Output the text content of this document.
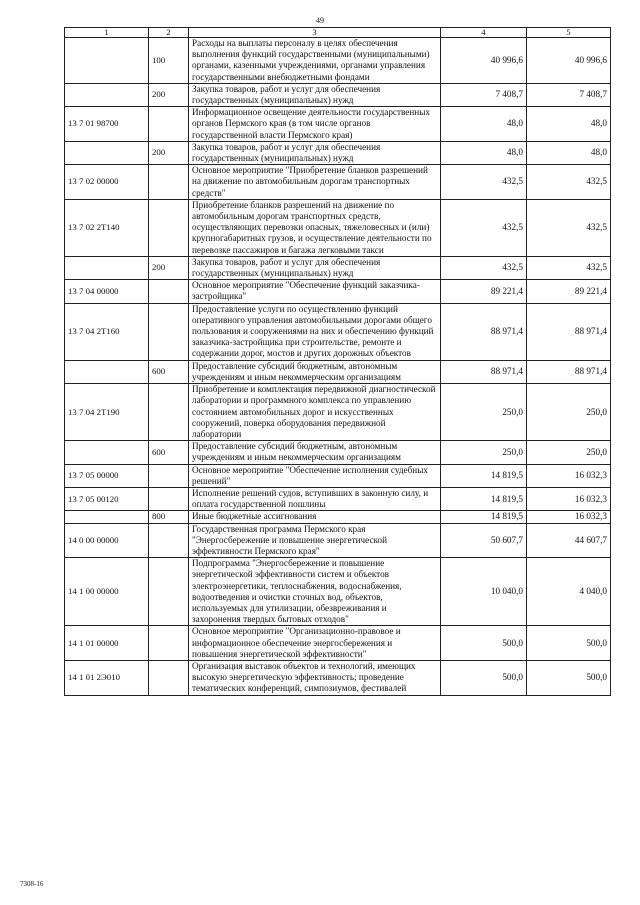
49
1	2	3	4	5
	100	Расходы на выплаты персоналу в целях обеспечения выполнения функций государственными (муниципальными) органами, казенными учреждениями, органами управления государственными внебюджетными фондами	40 996,6	40 996,6
	200	Закупка товаров, работ и услуг для обеспечения государственных (муниципальных) нужд	7 408,7	7 408,7
13 7 01 98700		Информационное освещение деятельности государственных органов Пермского края (в том числе органов государственной власти Пермского края)	48,0	48,0
	200	Закупка товаров, работ и услуг для обеспечения государственных (муниципальных) нужд	48,0	48,0
13 7 02 00000		Основное мероприятие "Приобретение бланков разрешений на движение по автомобильным дорогам транспортных средств"	432,5	432,5
13 7 02 2Т140		Приобретение бланков разрешений на движение по автомобильным дорогам транспортных средств, осуществляющих перевозки опасных, тяжеловесных и (или) крупногабаритных грузов, и осуществление деятельности по перевозке пассажиров и багажа легковыми такси	432,5	432,5
	200	Закупка товаров, работ и услуг для обеспечения государственных (муниципальных) нужд	432,5	432,5
13 7 04 00000		Основное мероприятие "Обеспечение функций заказчика-застройщика"	89 221,4	89 221,4
13 7 04 2Т160		Предоставление услуги по осуществлению функций оперативного управления автомобильными дорогами общего пользования и сооружениями на них и обеспечению функций заказчика-застройщика при строительстве, ремонте и содержании дорог, мостов и других дорожных объектов	88 971,4	88 971,4
	600	Предоставление субсидий бюджетным, автономным учреждениям и иным некоммерческим организациям	88 971,4	88 971,4
13 7 04 2Т190		Приобретение и комплектация передвижной диагностической лаборатории и программного комплекса по управлению состоянием автомобильных дорог и искусственных сооружений, поверка оборудования передвижной лаборатории	250,0	250,0
	600	Предоставление субсидий бюджетным, автономным учреждениям и иным некоммерческим организациям	250,0	250,0
13 7 05 00000		Основное мероприятие "Обеспечение исполнения судебных решений"	14 819,5	16 032,3
13 7 05 00120		Исполнение решений судов, вступивших в законную силу, и оплата государственной пошлины	14 819,5	16 032,3
	800	Иные бюджетные ассигнования	14 819,5	16 032,3
14 0 00 00000		Государственная программа Пермского края "Энергосбережение и повышение энергетической эффективности Пермского края"	50 607,7	44 607,7
14 1 00 00000		Подпрограмма "Энергосбережение и повышение энергетической эффективности систем и объектов электроэнергетики, теплоснабжения, водоснабжения, водоотведения и очистки сточных вод, объектов, используемых для утилизации, обезвреживания и захоронения твердых бытовых отходов"	10 040,0	4 040,0
14 1 01 00000		Основное мероприятие "Организационно-правовое и информационное обеспечение энергосбережения и повышения энергетической эффективности"	500,0	500,0
14 1 01 2Э010		Организация выставок объектов и технологий, имеющих высокую энергетическую эффективность; проведение тематических конференций, симпозиумов, фестивалей	500,0	500,0
7308-16
